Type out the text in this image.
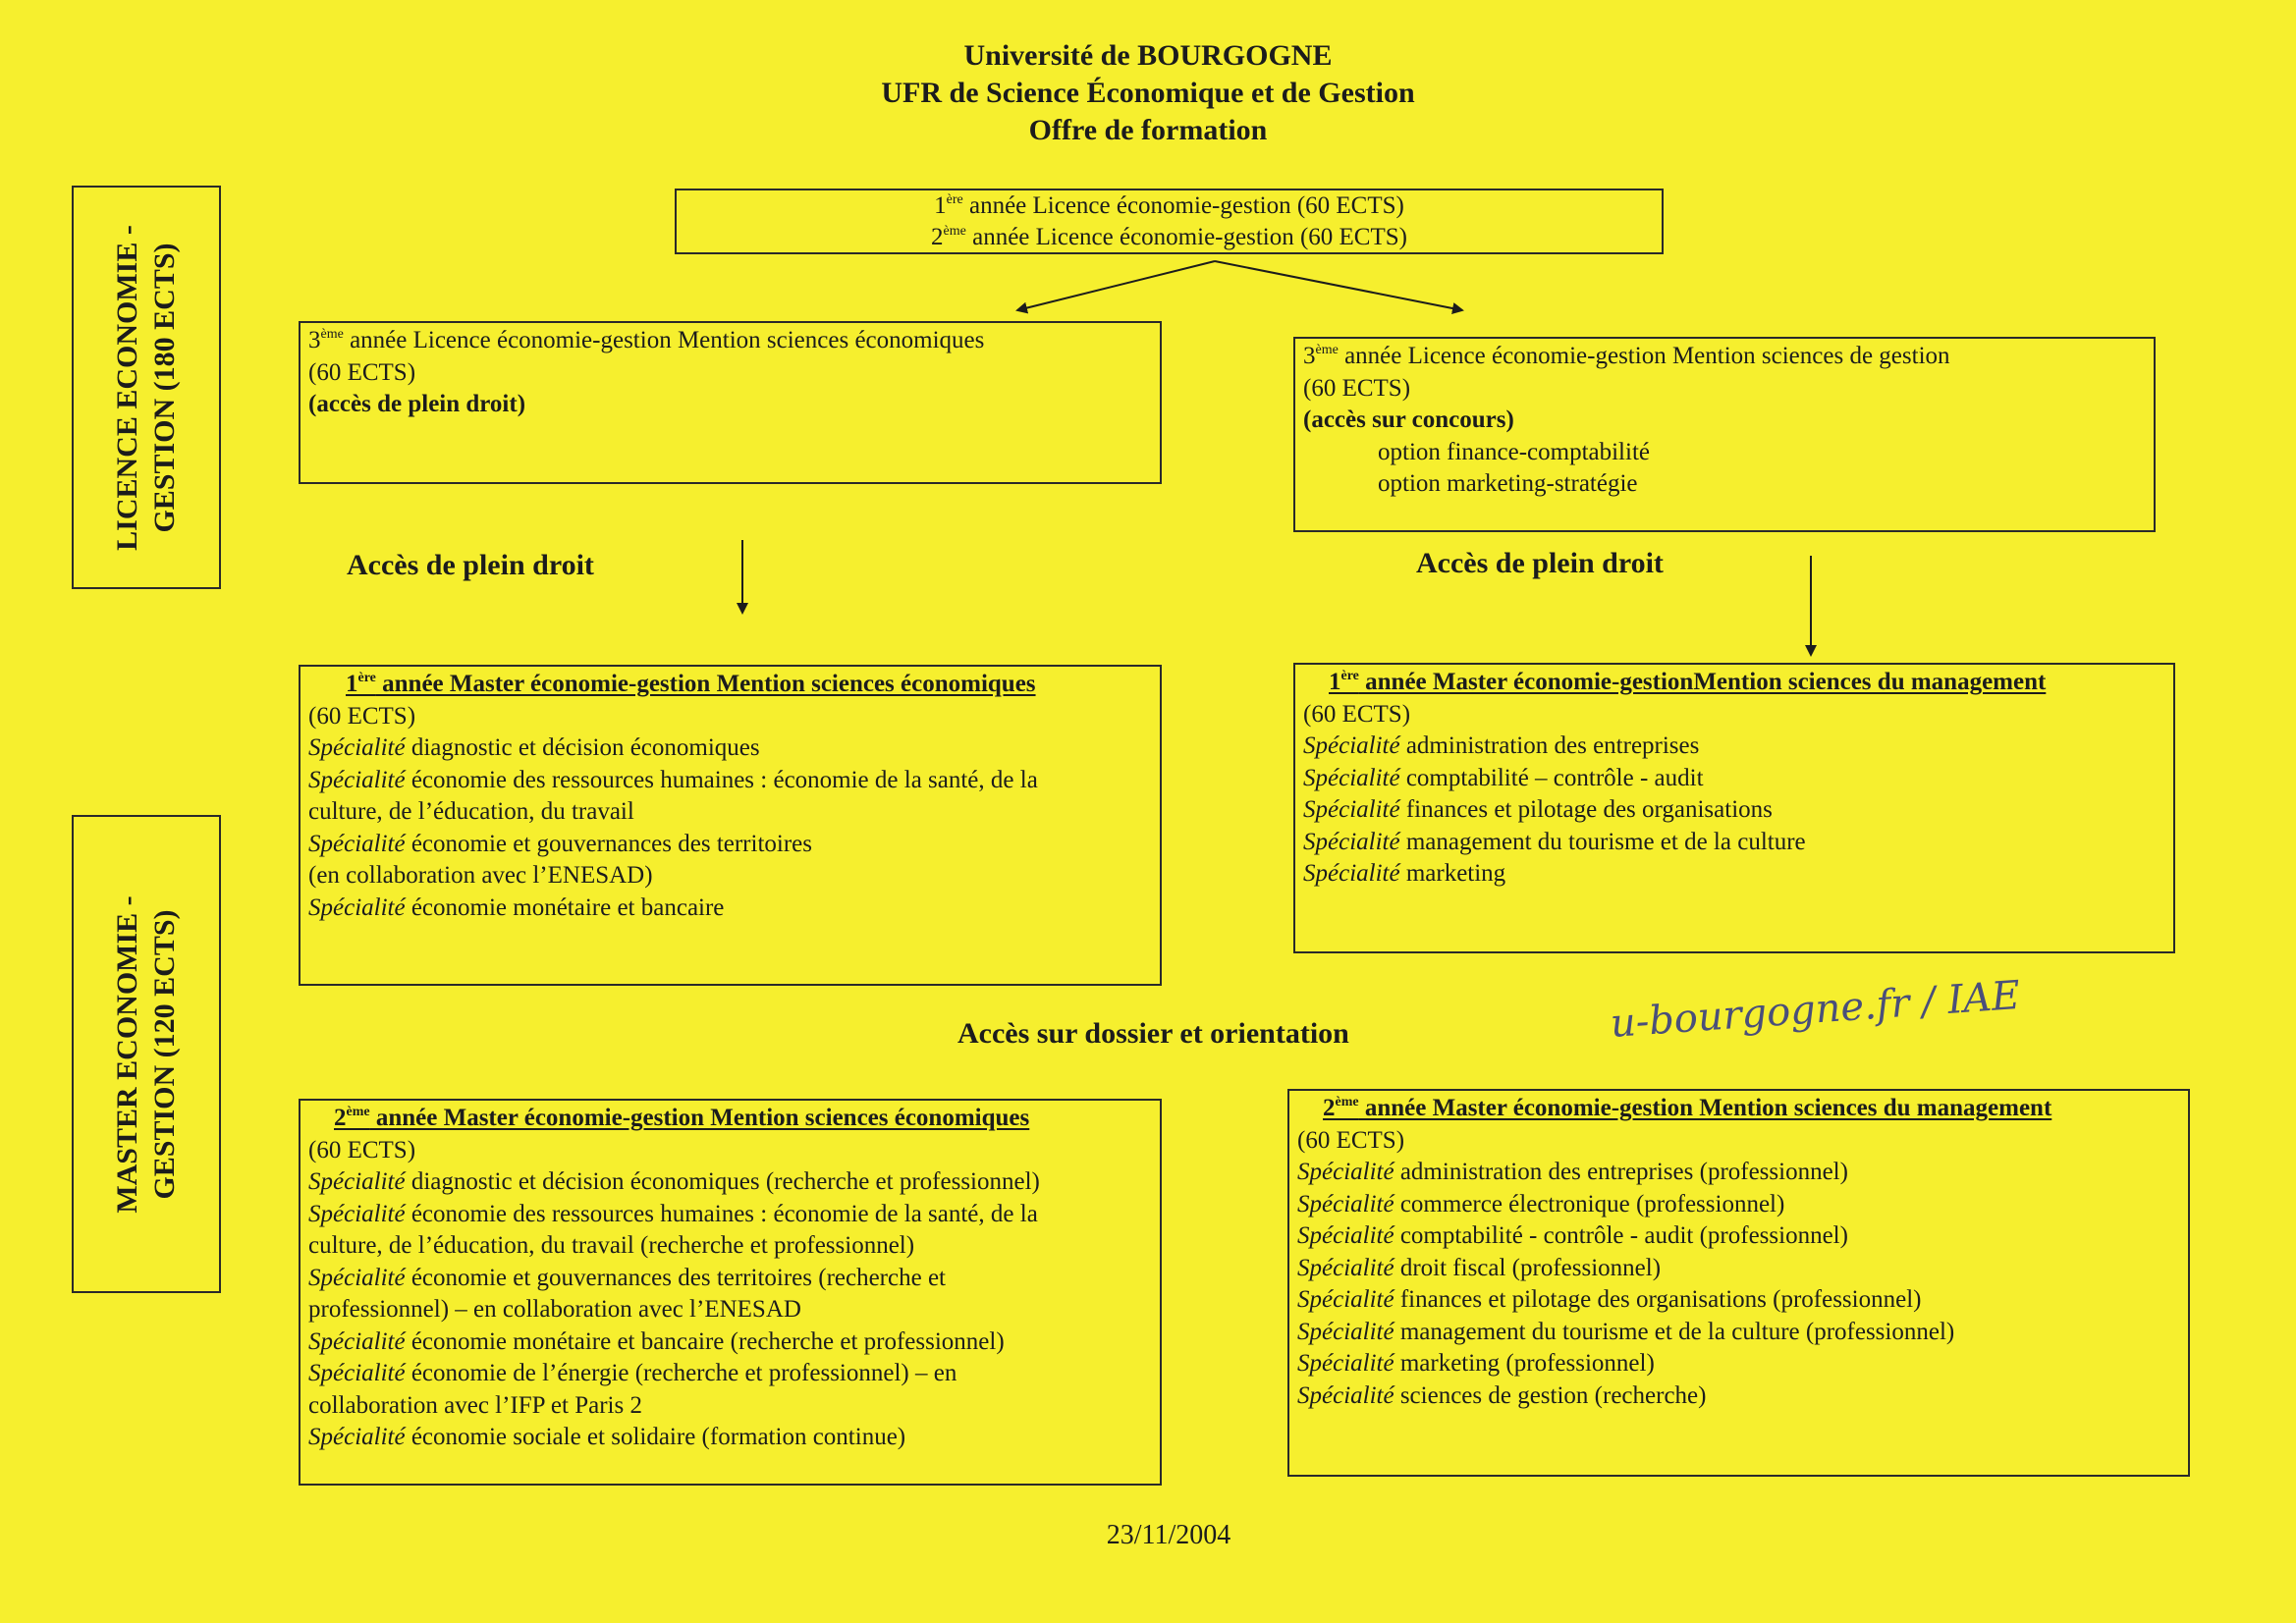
Université de BOURGOGNE
UFR de Science Économique et de Gestion
Offre de formation
LICENCE ECONOMIE - GESTION (180 ECTS)
MASTER ECONOMIE - GESTION (120 ECTS)
1ère année Licence économie-gestion (60 ECTS)
2ème année Licence économie-gestion (60 ECTS)
3ème année Licence économie-gestion Mention sciences économiques
(60 ECTS)
(accès de plein droit)
3ème année Licence économie-gestion Mention sciences de gestion
(60 ECTS)
(accès sur concours)
option finance-comptabilité
option marketing-stratégie
Accès de plein droit	Accès de plein droit
Accès sur dossier et orientation
1ère année Master économie-gestion Mention sciences économiques
(60 ECTS)
Spécialité diagnostic et décision économiques
Spécialité économie des ressources humaines : économie de la santé, de la
culture, de l’éducation, du travail
Spécialité économie et gouvernances des territoires
(en collaboration avec l’ENESAD)
Spécialité économie monétaire et bancaire
1ère année Master économie-gestionMention sciences du management
(60 ECTS)
Spécialité administration des entreprises
Spécialité comptabilité – contrôle - audit
Spécialité finances et pilotage des organisations
Spécialité management du tourisme et de la culture
Spécialité marketing
u-bourgogne.fr / IAE
2ème année Master économie-gestion Mention sciences économiques
(60 ECTS)
Spécialité diagnostic et décision économiques (recherche et professionnel)
Spécialité économie des ressources humaines : économie de la santé, de la
culture, de l’éducation, du travail (recherche et professionnel)
Spécialité économie et gouvernances des territoires (recherche et
professionnel) – en collaboration avec l’ENESAD
Spécialité économie monétaire et bancaire (recherche et professionnel)
Spécialité économie de l’énergie (recherche et professionnel) – en
collaboration avec l’IFP et Paris 2
Spécialité économie sociale et solidaire (formation continue)
2ème année Master économie-gestion Mention sciences du management
(60 ECTS)
Spécialité administration des entreprises (professionnel)
Spécialité commerce électronique (professionnel)
Spécialité comptabilité - contrôle - audit (professionnel)
Spécialité droit fiscal (professionnel)
Spécialité finances et pilotage des organisations (professionnel)
Spécialité management du tourisme et de la culture (professionnel)
Spécialité marketing (professionnel)
Spécialité sciences de gestion (recherche)
23/11/2004
